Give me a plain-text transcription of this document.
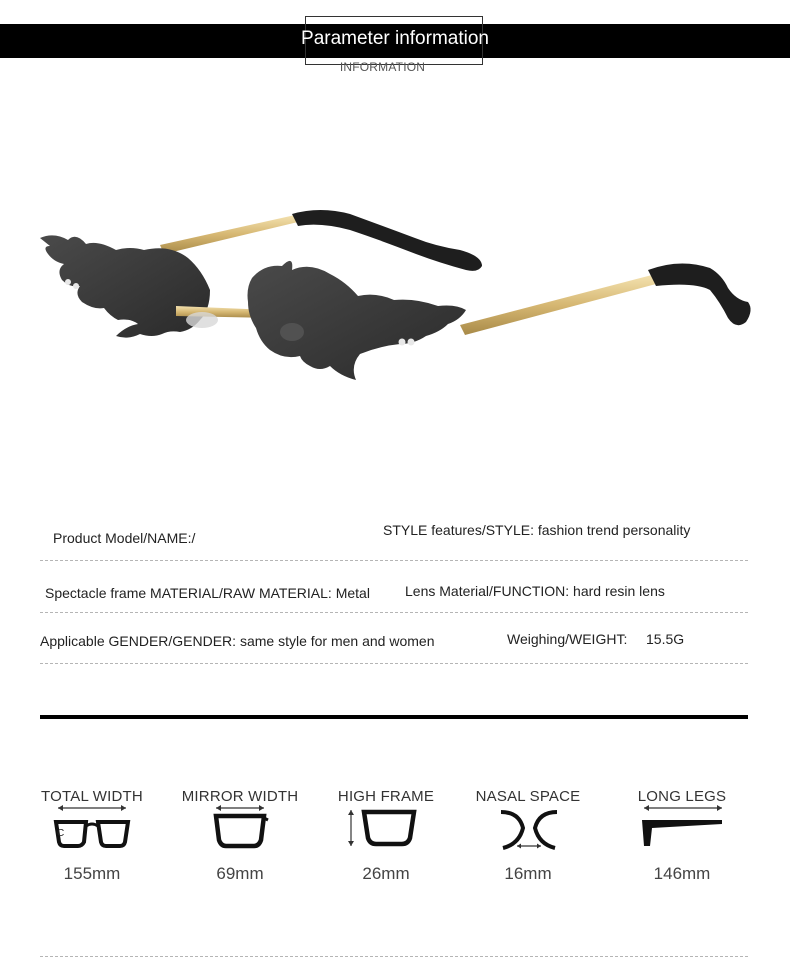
Parameter information
INFORMATION
Product Model/NAME:/	STYLE features/STYLE: fashion trend personality
Spectacle frame MATERIAL/RAW MATERIAL: Metal	Lens Material/FUNCTION: hard resin lens
Applicable GENDER/GENDER: same style for men and women	Weighing/WEIGHT: 15.5G
TOTAL WIDTH	MIRROR WIDTH	HIGH FRAME	NASAL SPACE	LONG LEGS
C
155mm	69mm	26mm	16mm	146mm
